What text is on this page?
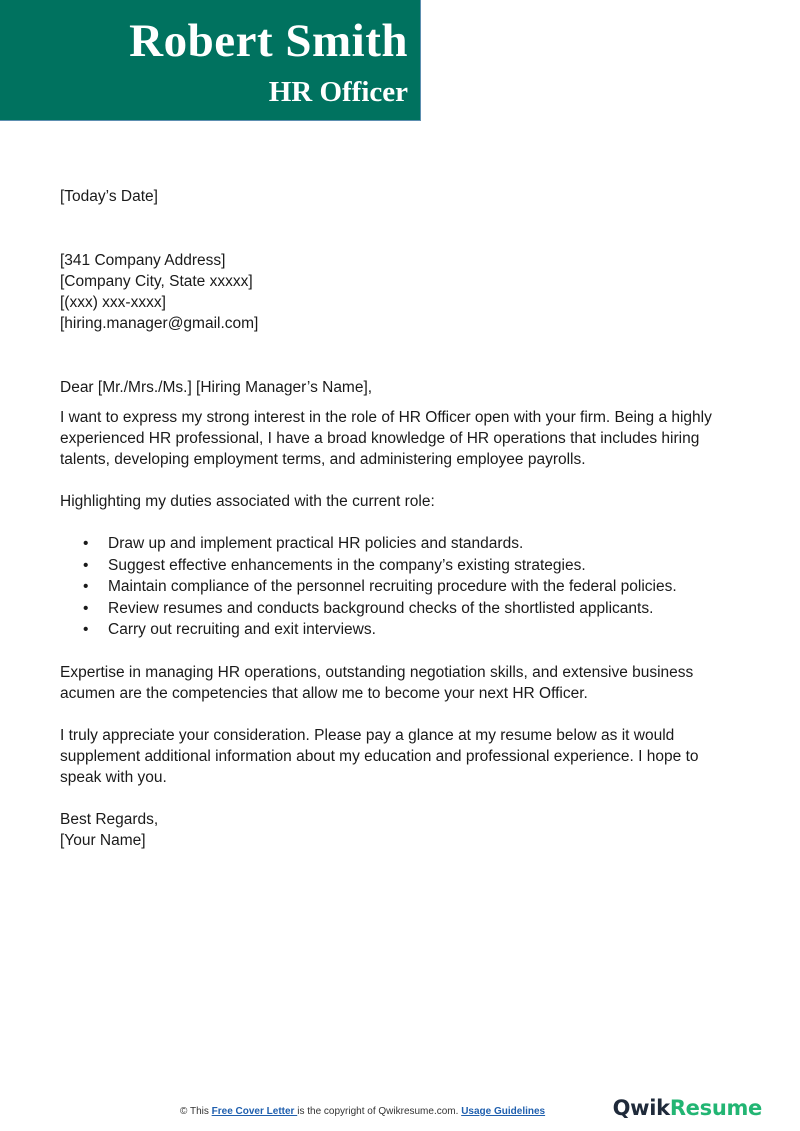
Robert Smith
HR Officer

[Today’s Date]

[341 Company Address]

[Company City, State xxxxx]

[(xxx) xxx-xxxx]

[hiring.manager@gmail.com]

Dear [Mr./Mrs./Ms.] [Hiring Manager’s Name],

I want to express my strong interest in the role of HR Officer open with your firm. Being a highly experienced HR professional, I have a broad knowledge of HR operations that includes hiring talents, developing employment terms, and administering employee payrolls.

Highlighting my duties associated with the current role:

• Draw up and implement practical HR policies and standards.
• Suggest effective enhancements in the company’s existing strategies.
• Maintain compliance of the personnel recruiting procedure with the federal policies.
• Review resumes and conducts background checks of the shortlisted applicants.
• Carry out recruiting and exit interviews.

Expertise in managing HR operations, outstanding negotiation skills, and extensive business acumen are the competencies that allow me to become your next HR Officer.

I truly appreciate your consideration. Please pay a glance at my resume below as it would supplement additional information about my education and professional experience. I hope to speak with you.

Best Regards,

[Your Name]

© This Free Cover Letter is the copyright of Qwikresume.com. Usage Guidelines	QwikResume
